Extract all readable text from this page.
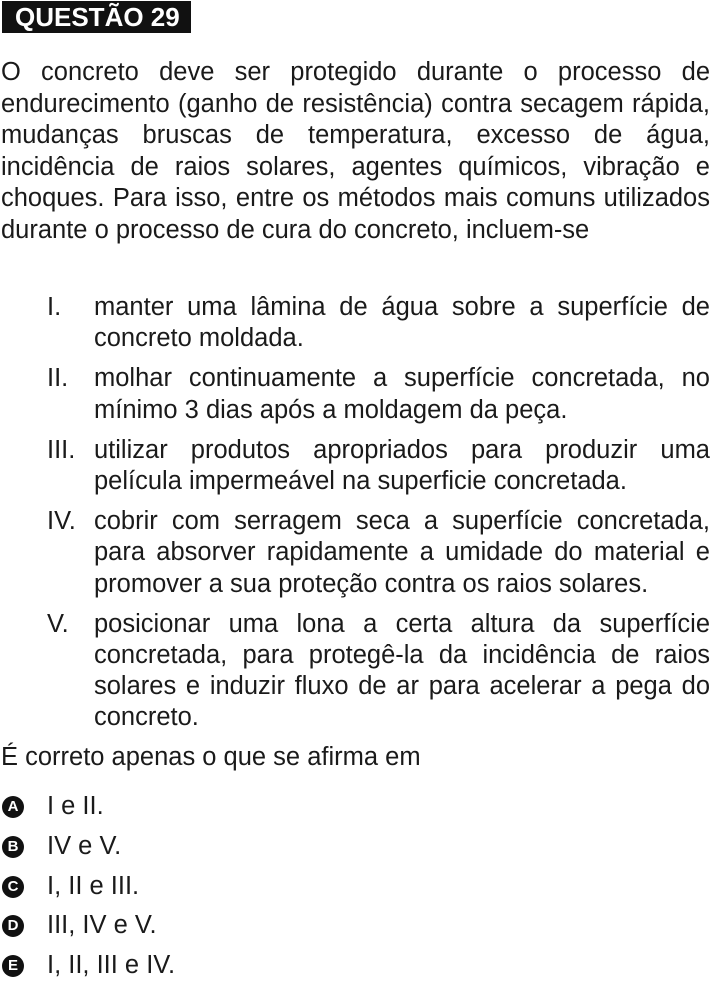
QUESTÃO 29

O concreto deve ser protegido durante o processo de endurecimento (ganho de resistência) contra secagem rápida, mudanças bruscas de temperatura, excesso de água, incidência de raios solares, agentes químicos, vibração e choques. Para isso, entre os métodos mais comuns utilizados durante o processo de cura do concreto, incluem-se

I. manter uma lâmina de água sobre a superfície de concreto moldada.
II. molhar continuamente a superfície concretada, no mínimo 3 dias após a moldagem da peça.
III. utilizar produtos apropriados para produzir uma película impermeável na superficie concretada.
IV. cobrir com serragem seca a superfície concretada, para absorver rapidamente a umidade do material e promover a sua proteção contra os raios solares.
V. posicionar uma lona a certa altura da superfície concretada, para protegê-la da incidência de raios solares e induzir fluxo de ar para acelerar a pega do concreto.

É correto apenas o que se afirma em

A I e II.
B IV e V.
C I, II e III.
D III, IV e V.
E I, II, III e IV.
